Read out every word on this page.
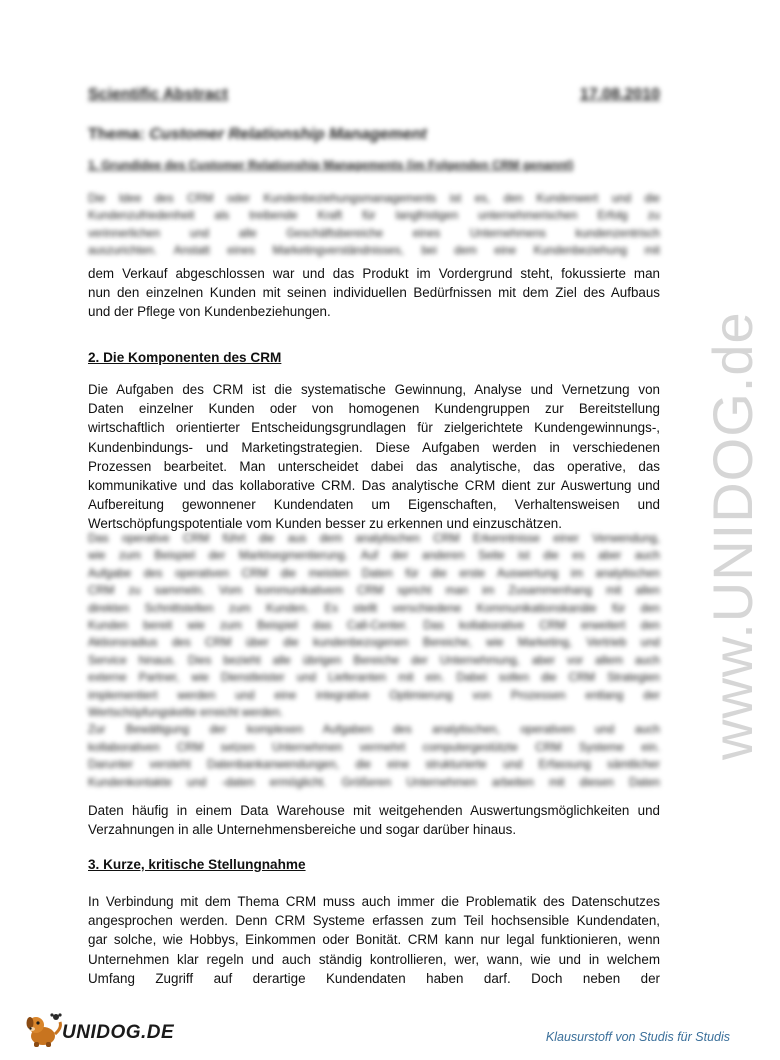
Scientific Abstract	17.08.2010
Thema: Customer Relationship Management
1. Grundidee des Customer Relationship Managements (im Folgenden CRM genannt)
Die Idee des CRM oder Kundenbeziehungsmanagements ist es, den Kundenwert und die
Kundenzufriedenheit als treibende Kraft für langfristigen unternehmerischen Erfolg zu
verinnerlichen und alle Geschäftsbereiche eines Unternehmens kundenzentrisch
auszurichten. Anstatt eines Marketingverständnisses, bei dem eine Kundenbeziehung mit
dem Verkauf abgeschlossen war und das Produkt im Vordergrund steht, fokussierte man
nun den einzelnen Kunden mit seinen individuellen Bedürfnissen mit dem Ziel des Aufbaus
und der Pflege von Kundenbeziehungen.
2. Die Komponenten des CRM
Die Aufgaben des CRM ist die systematische Gewinnung, Analyse und Vernetzung von
Daten einzelner Kunden oder von homogenen Kundengruppen zur Bereitstellung
wirtschaftlich orientierter Entscheidungsgrundlagen für zielgerichtete Kundengewinnungs-,
Kundenbindungs- und Marketingstrategien. Diese Aufgaben werden in verschiedenen
Prozessen bearbeitet. Man unterscheidet dabei das analytische, das operative, das
kommunikative und das kollaborative CRM. Das analytische CRM dient zur Auswertung und
Aufbereitung gewonnener Kundendaten um Eigenschaften, Verhaltensweisen und
Wertschöpfungspotentiale vom Kunden besser zu erkennen und einzuschätzen.
Das operative CRM führt die aus dem analytischen CRM Erkenntnisse einer Verwendung,
wie zum Beispiel der Marktsegmentierung. Auf der anderen Seite ist die es aber auch
Aufgabe des operativen CRM die meisten Daten für die erste Auswertung im analytischen
CRM zu sammeln. Vom kommunikativem CRM spricht man im Zusammenhang mit allen
direkten Schnittstellen zum Kunden. Es stellt verschiedene Kommunikationskanäle für den
Kunden bereit wie zum Beispiel das Call-Center. Das kollaborative CRM erweitert den
Aktionsradius des CRM über die kundenbezogenen Bereiche, wie Marketing, Vertrieb und
Service hinaus. Dies bezieht alle übrigen Bereiche der Unternehmung, aber vor allem auch
externe Partner, wie Dienstleister und Lieferanten mit ein. Dabei sollen die CRM Strategien
implementiert werden und eine integrative Optimierung von Prozessen entlang der
Wertschöpfungskette erreicht werden.
Zur Bewältigung der komplexen Aufgaben des analytischen, operativen und auch
kollaborativen CRM setzen Unternehmen vermehrt computergestützte CRM Systeme ein.
Darunter versteht Datenbankanwendungen, die eine strukturierte und Erfassung sämtlicher
Kundenkontakte und -daten ermöglicht. Größeren Unternehmen arbeiten mit diesen Daten
Daten häufig in einem Data Warehouse mit weitgehenden Auswertungsmöglichkeiten und
Verzahnungen in alle Unternehmensbereiche und sogar darüber hinaus.
3. Kurze, kritische Stellungnahme
In Verbindung mit dem Thema CRM muss auch immer die Problematik des Datenschutzes
angesprochen werden. Denn CRM Systeme erfassen zum Teil hochsensible Kundendaten,
gar solche, wie Hobbys, Einkommen oder Bonität. CRM kann nur legal funktionieren, wenn
Unternehmen klar regeln und auch ständig kontrollieren, wer, wann, wie und in welchem
Umfang Zugriff auf derartige Kundendaten haben darf. Doch neben der
www.UNIDOG.de
UNIDOG.DE	Klausurstoff von Studis für Studis
